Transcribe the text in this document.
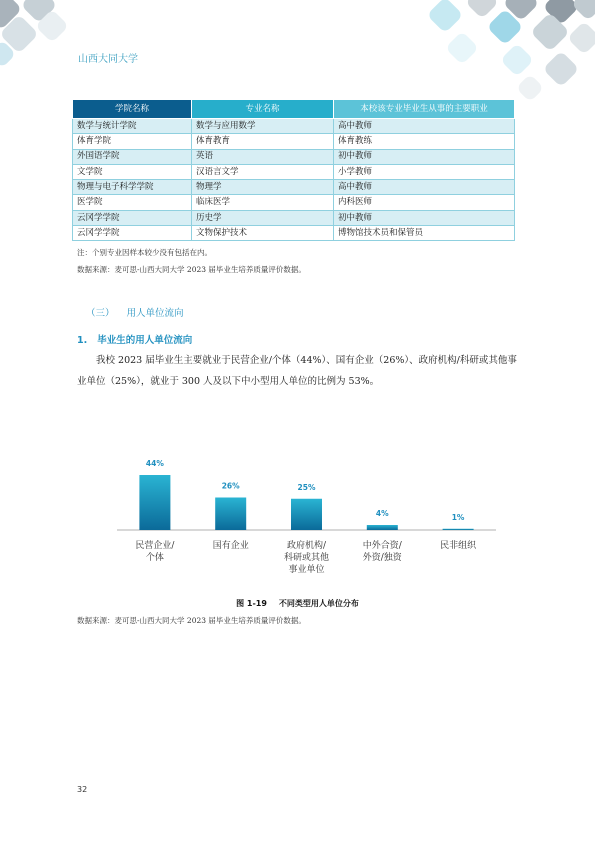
山西大同大学
学院名称	专业名称	本校该专业毕业生从事的主要职业
数学与统计学院	数学与应用数学	高中教师
体育学院	体育教育	体育教练
外国语学院	英语	初中教师
文学院	汉语言文学	小学教师
物理与电子科学学院	物理学	高中教师
医学院	临床医学	内科医师
云冈学学院	历史学	初中教师
云冈学学院	文物保护技术	博物馆技术员和保管员
注：个别专业因样本较少没有包括在内。
数据来源：麦可思-山西大同大学 2023 届毕业生培养质量评价数据。
（三） 用人单位流向
1. 毕业生的用人单位流向

我校 2023 届毕业生主要就业于民营企业/个体（44%）、国有企业（26%）、政府机构/科研或其他事业单位（25%），就业于 300 人及以下中小型用人单位的比例为 53%。

44%
民营企业/个体
26%
国有企业
25%
政府机构/科研或其他事业单位
4%
中外合资/外资/独资
1%
民非组织
图 1-19 不同类型用人单位分布
数据来源：麦可思-山西大同大学 2023 届毕业生培养质量评价数据。
32
